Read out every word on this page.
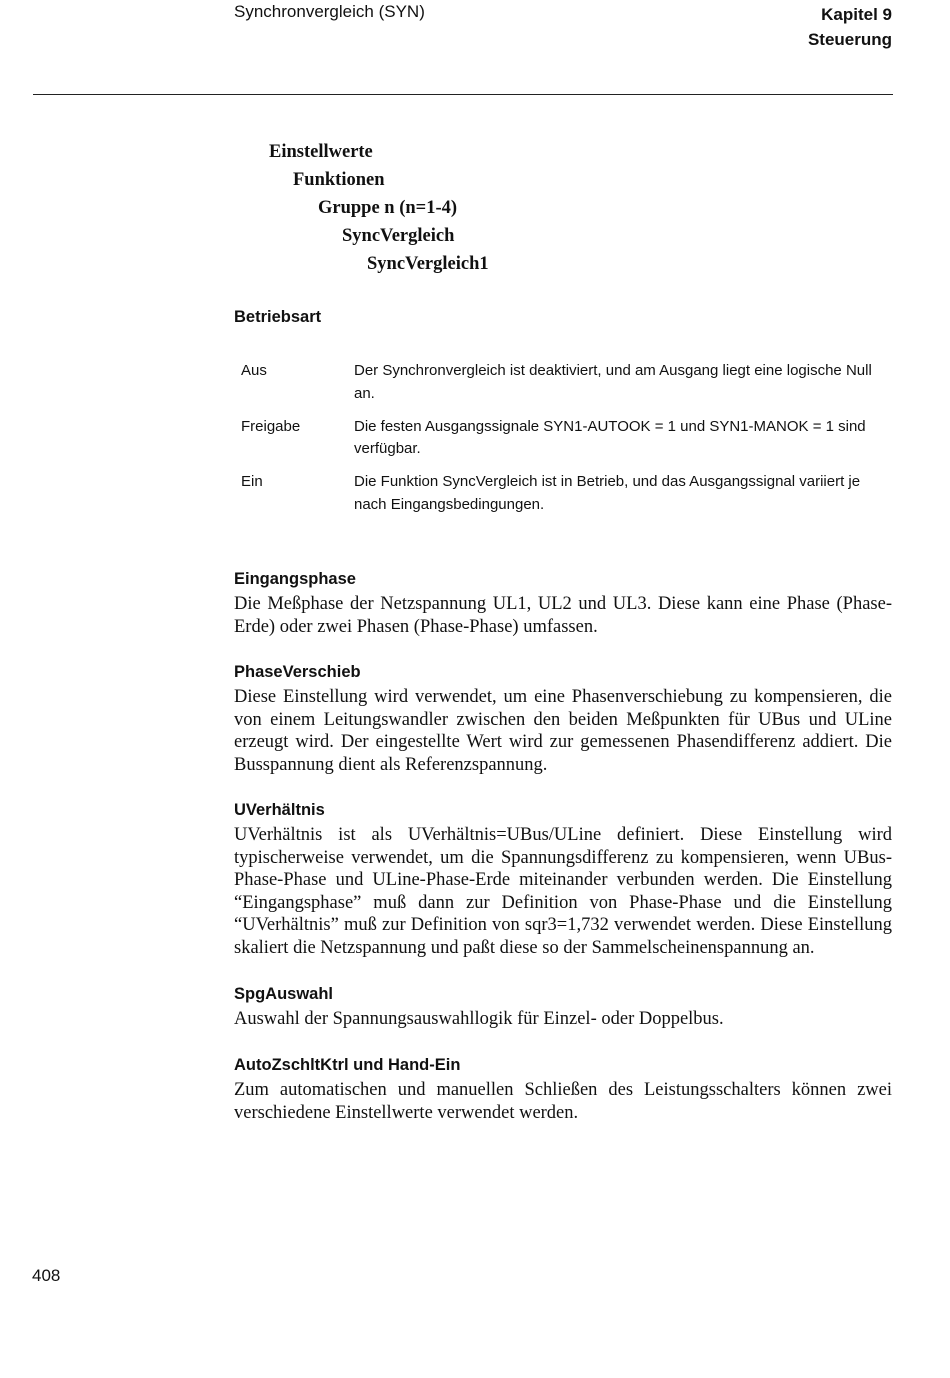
Synchronvergleich (SYN)	Kapitel 9
Steuerung
Einstellwerte
Funktionen
Gruppe n (n=1-4)
SyncVergleich
SyncVergleich1
Betriebsart
Aus	Der Synchronvergleich ist deaktiviert, und am Ausgang liegt eine logische Null an.
Freigabe	Die festen Ausgangssignale SYN1-AUTOOK = 1 und SYN1-MANOK = 1 sind verfügbar.
Ein	Die Funktion SyncVergleich ist in Betrieb, und das Ausgangssignal variiert je nach Eingangsbedingungen.
Eingangsphase
Die Meßphase der Netzspannung UL1, UL2 und UL3. Diese kann eine Phase (Phase-Erde) oder zwei Phasen (Phase-Phase) umfassen.
PhaseVerschieb
Diese Einstellung wird verwendet, um eine Phasenverschiebung zu kompensieren, die von einem Leitungswandler zwischen den beiden Meßpunkten für UBus und ULine erzeugt wird. Der eingestellte Wert wird zur gemessenen Phasendifferenz addiert. Die Busspannung dient als Referenzspannung.
UVerhältnis
UVerhältnis ist als UVerhältnis=UBus/ULine definiert. Diese Einstellung wird typischerweise verwendet, um die Spannungsdifferenz zu kompensieren, wenn UBus-Phase-Phase und ULine-Phase-Erde miteinander verbunden werden. Die Einstellung “Eingangsphase” muß dann zur Definition von Phase-Phase und die Einstellung “UVerhältnis” muß zur Definition von sqr3=1,732 verwendet werden. Diese Einstellung skaliert die Netzspannung und paßt diese so der Sammelscheinenspannung an.
SpgAuswahl
Auswahl der Spannungsauswahllogik für Einzel- oder Doppelbus.
AutoZschltKtrl und Hand-Ein
Zum automatischen und manuellen Schließen des Leistungsschalters können zwei verschiedene Einstellwerte verwendet werden.
408
